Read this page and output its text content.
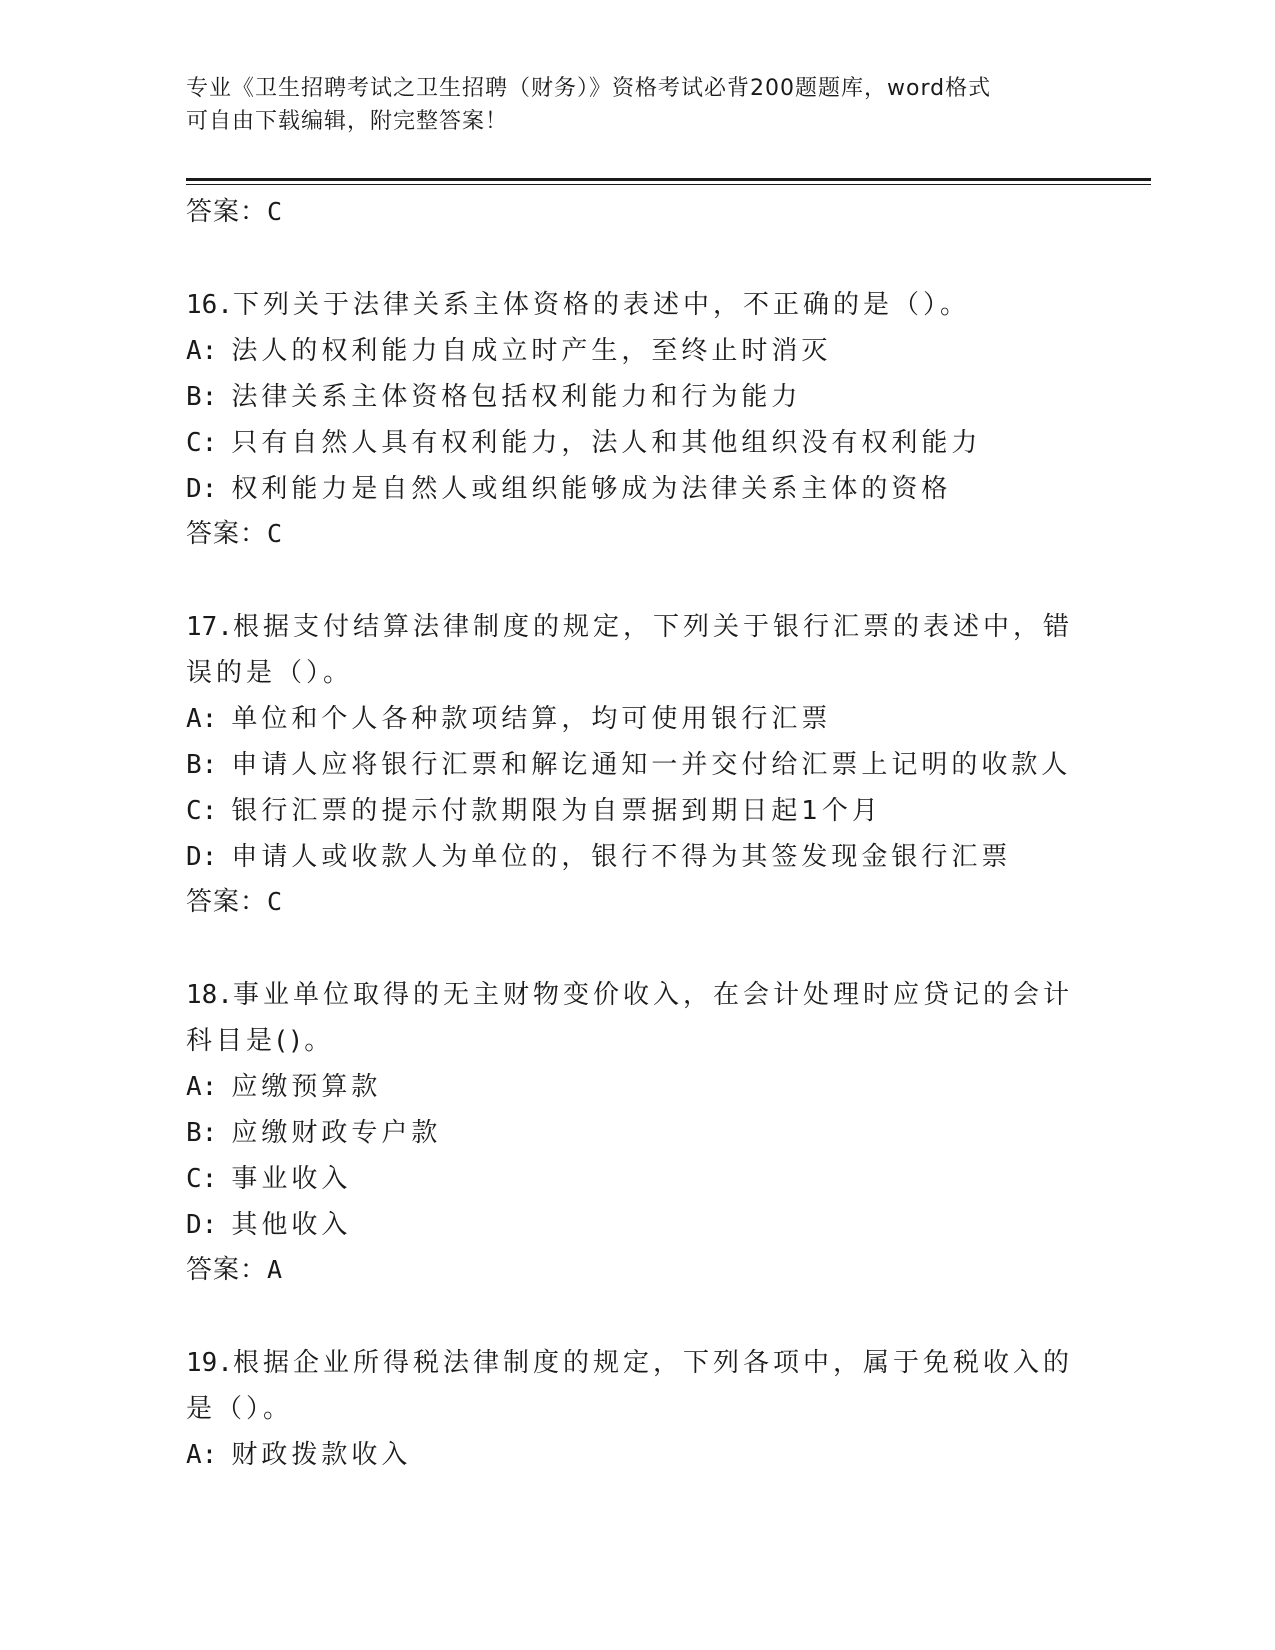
专业《卫生招聘考试之卫生招聘（财务）》资格考试必背200题题库，word格式
可自由下载编辑，附完整答案！
答案：C
16.下列关于法律关系主体资格的表述中，不正确的是（）。
A: 法人的权利能力自成立时产生，至终止时消灭
B: 法律关系主体资格包括权利能力和行为能力
C: 只有自然人具有权利能力，法人和其他组织没有权利能力
D: 权利能力是自然人或组织能够成为法律关系主体的资格
答案：C
17.根据支付结算法律制度的规定，下列关于银行汇票的表述中，错误的是（）。
A: 单位和个人各种款项结算，均可使用银行汇票
B: 申请人应将银行汇票和解讫通知一并交付给汇票上记明的收款人
C: 银行汇票的提示付款期限为自票据到期日起1个月
D: 申请人或收款人为单位的，银行不得为其签发现金银行汇票
答案：C
18.事业单位取得的无主财物变价收入，在会计处理时应贷记的会计科目是()。
A: 应缴预算款
B: 应缴财政专户款
C: 事业收入
D: 其他收入
答案：A
19.根据企业所得税法律制度的规定，下列各项中，属于免税收入的是（）。
A: 财政拨款收入
